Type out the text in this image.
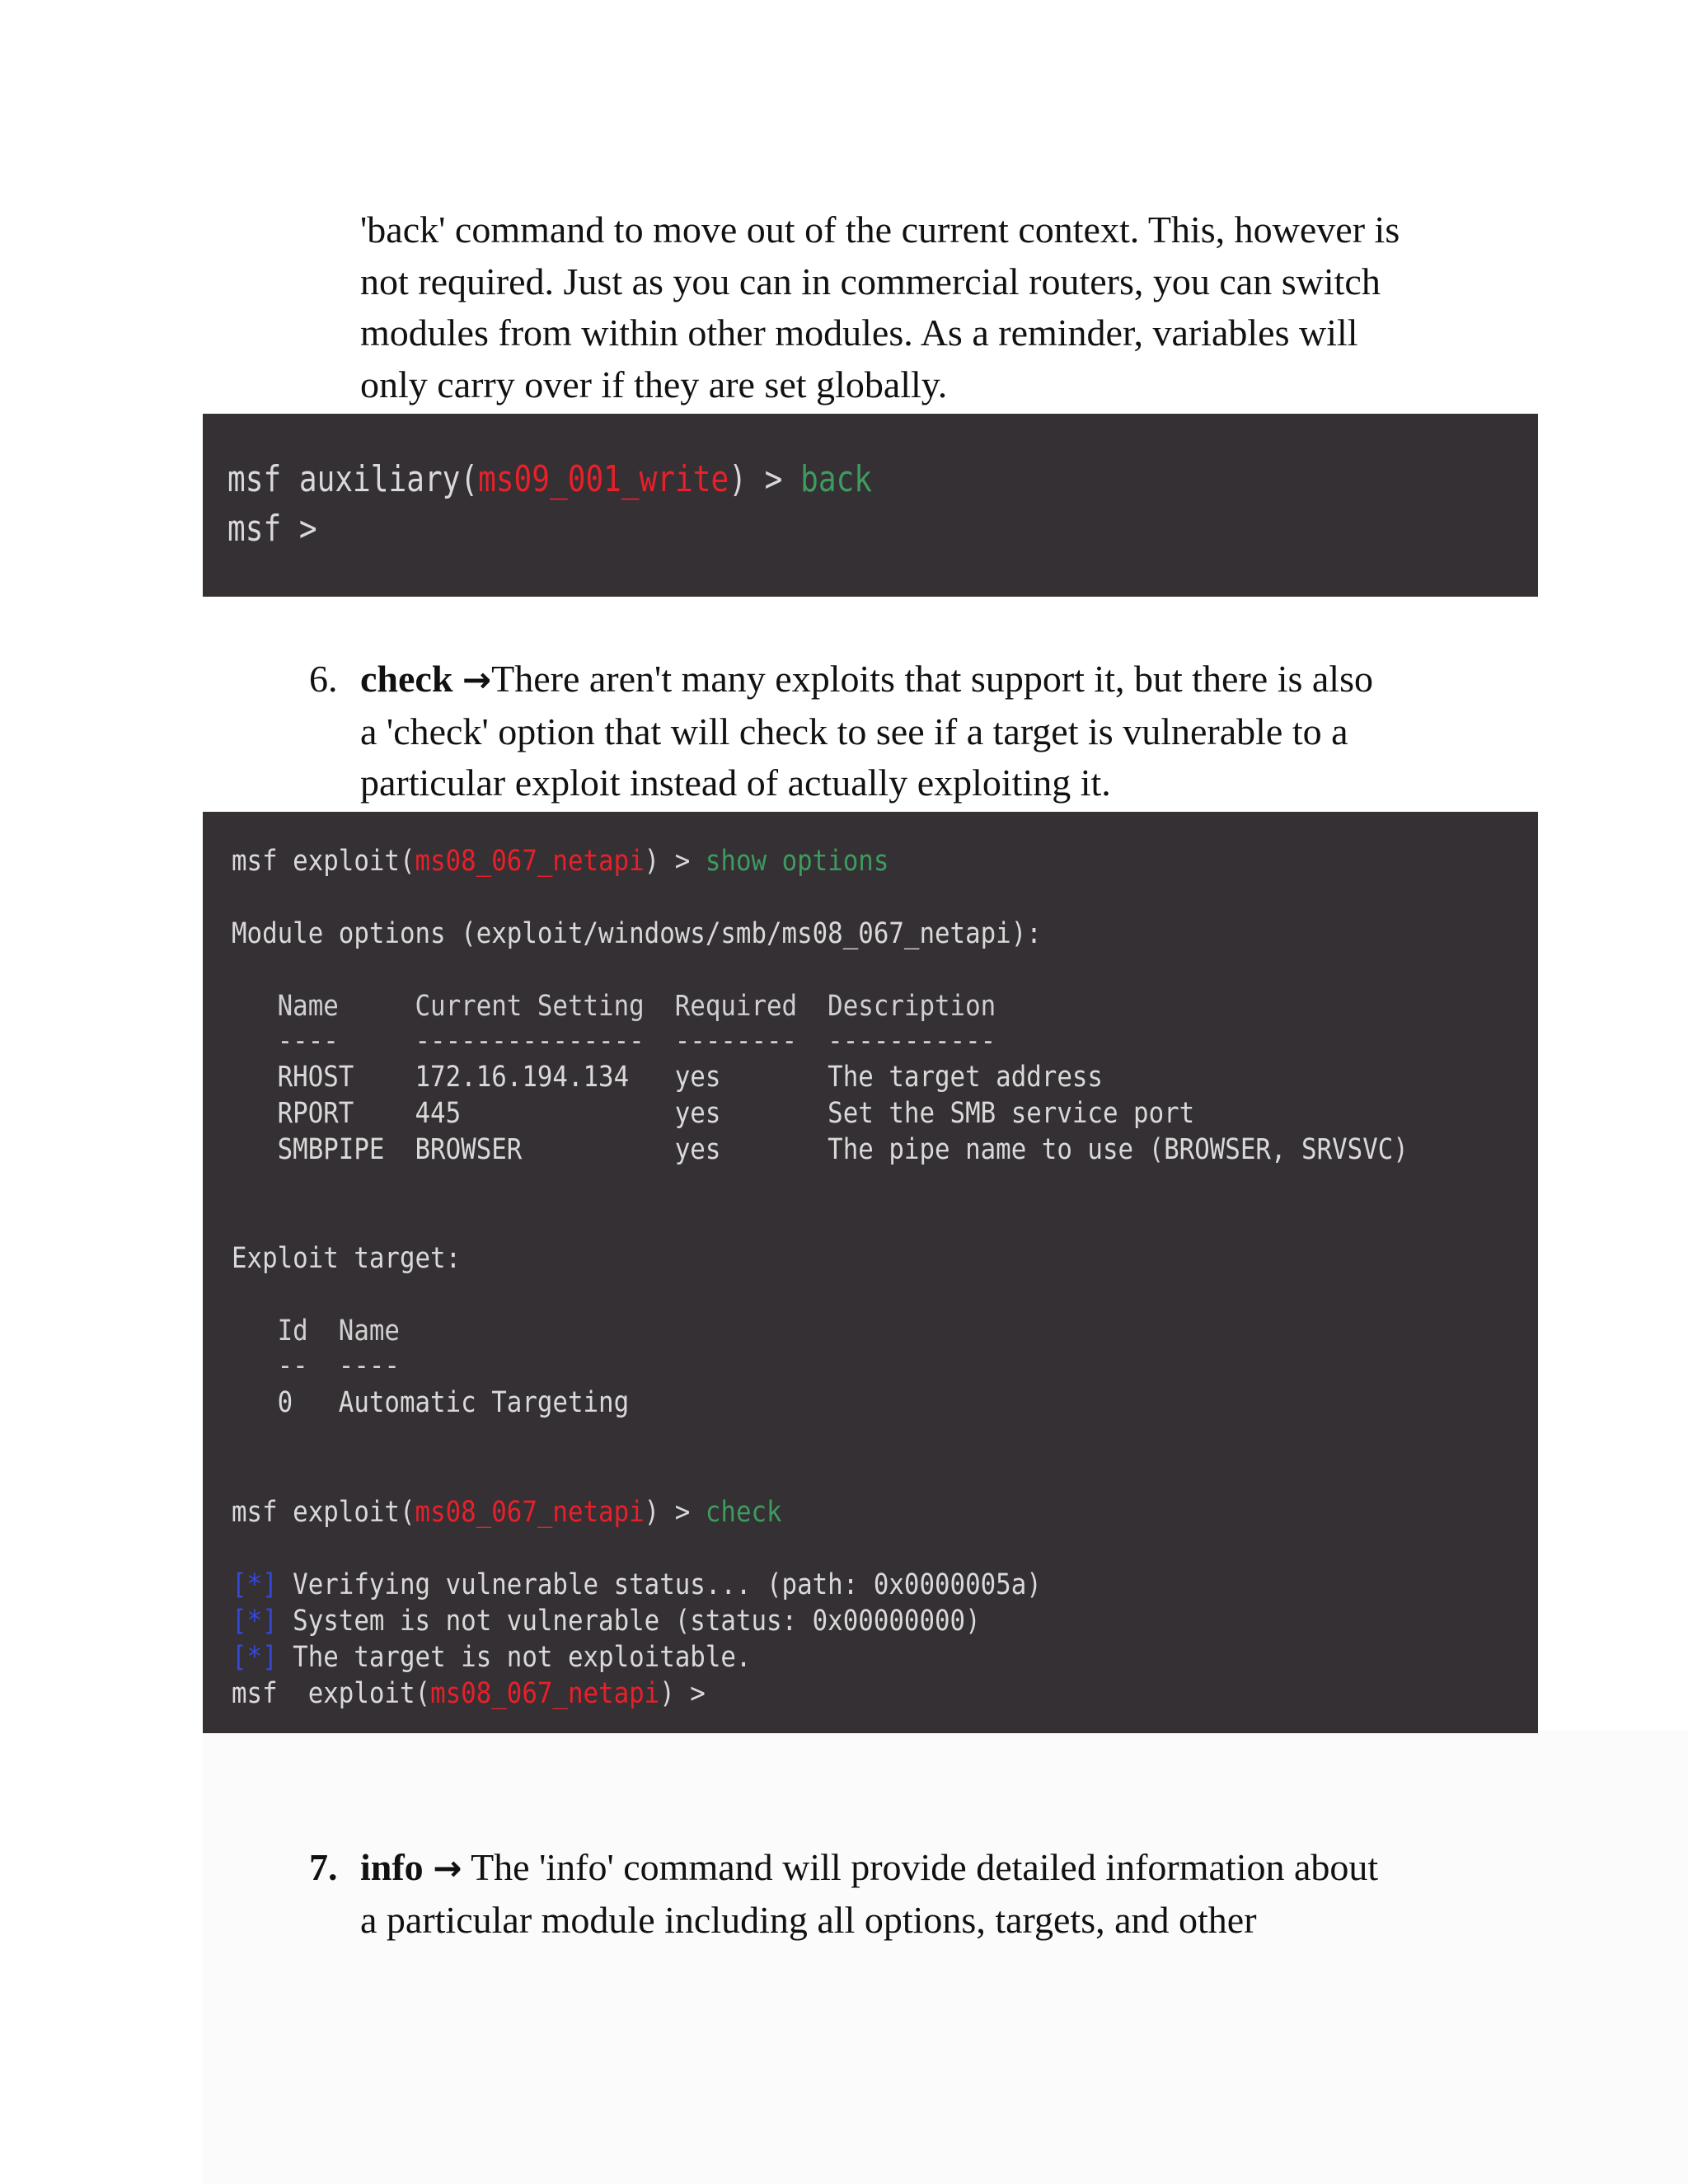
'back' command to move out of the current context. This, however is
not required. Just as you can in commercial routers, you can switch
modules from within other modules. As a reminder, variables will
only carry over if they are set globally.
msf auxiliary(ms09_001_write) > back
msf >
6. check →There aren't many exploits that support it, but there is also
a 'check' option that will check to see if a target is vulnerable to a
particular exploit instead of actually exploiting it.
msf exploit(ms08_067_netapi) > show options
Module options (exploit/windows/smb/ms08_067_netapi):
Name     Current Setting  Required  Description
----     ---------------  --------  -----------
RHOST    172.16.194.134   yes       The target address
RPORT    445              yes       Set the SMB service port
SMBPIPE  BROWSER          yes       The pipe name to use (BROWSER, SRVSVC)
Exploit target:
Id  Name
--  ----
0   Automatic Targeting
msf exploit(ms08_067_netapi) > check
[*] Verifying vulnerable status... (path: 0x0000005a)
[*] System is not vulnerable (status: 0x00000000)
[*] The target is not exploitable.
msf  exploit(ms08_067_netapi) >
7. info → The 'info' command will provide detailed information about
a particular module including all options, targets, and other
